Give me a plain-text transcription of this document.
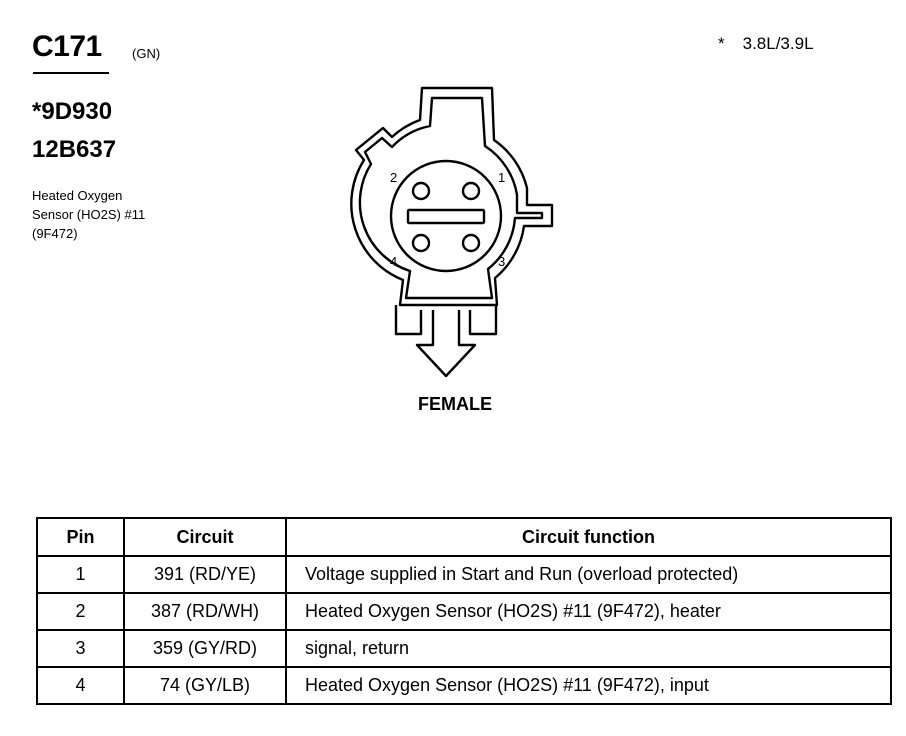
C171 (GN)
* 3.8L/3.9L
*9D930
12B637
Heated Oxygen
Sensor (HO2S) #11
(9F472)
2	1
4	3
FEMALE
Pin	Circuit	Circuit function
1	391 (RD/YE)	Voltage supplied in Start and Run (overload protected)
2	387 (RD/WH)	Heated Oxygen Sensor (HO2S) #11 (9F472), heater
3	359 (GY/RD)	signal, return
4	74 (GY/LB)	Heated Oxygen Sensor (HO2S) #11 (9F472), input
